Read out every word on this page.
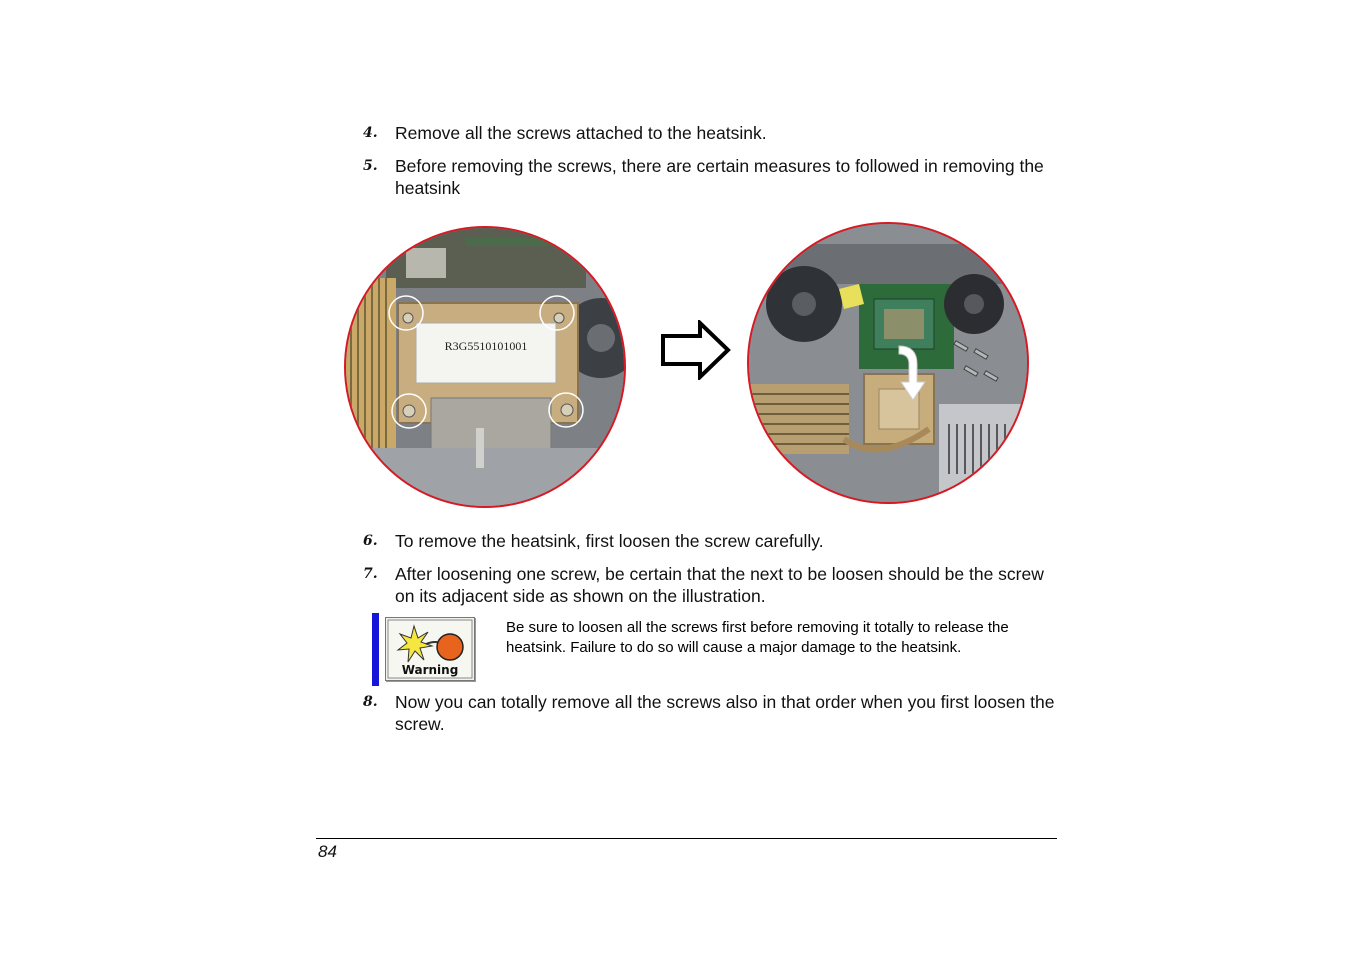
4. Remove all the screws attached to the heatsink.
5. Before removing the screws, there are certain measures to followed in removing the heatsink
R3G5510101001
6. To remove the heatsink, first loosen the screw carefully.
7. After loosening one screw, be certain that the next to be loosen should be the screw on its adjacent side as shown on the illustration.
Warning
Be sure to loosen all the screws first before removing it totally to release the heatsink. Failure to do so will cause a major damage to the heatsink.
8. Now you can totally remove all the screws also in that order when you first loosen the screw.
84
